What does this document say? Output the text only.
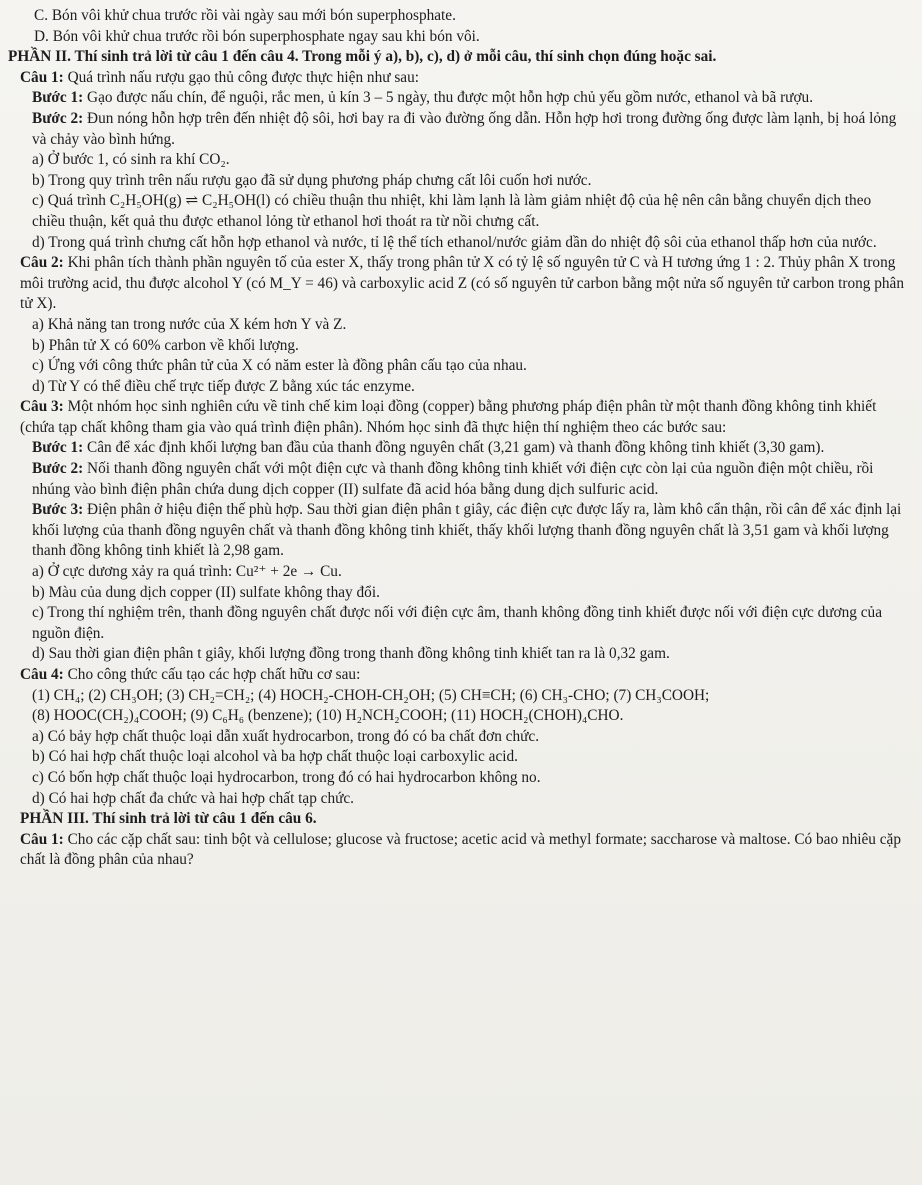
C. Bón vôi khử chua trước rồi vài ngày sau mới bón superphosphate.

D. Bón vôi khử chua trước rồi bón superphosphate ngay sau khi bón vôi.

PHẦN II. Thí sinh trả lời từ câu 1 đến câu 4. Trong mỗi ý a), b), c), d) ở mỗi câu, thí sinh chọn đúng hoặc sai.

Câu 1: Quá trình nấu rượu gạo thủ công được thực hiện như sau:

Bước 1: Gạo được nấu chín, để nguội, rắc men, ủ kín 3 – 5 ngày, thu được một hỗn hợp chủ yếu gồm nước, ethanol và bã rượu.

Bước 2: Đun nóng hỗn hợp trên đến nhiệt độ sôi, hơi bay ra đi vào đường ống dẫn. Hỗn hợp hơi trong đường ống được làm lạnh, bị hoá lỏng và chảy vào bình hứng.

a) Ở bước 1, có sinh ra khí CO₂.

b) Trong quy trình trên nấu rượu gạo đã sử dụng phương pháp chưng cất lôi cuốn hơi nước.

c) Quá trình C₂H₅OH(g) ⇌ C₂H₅OH(l) có chiều thuận thu nhiệt, khi làm lạnh là làm giảm nhiệt độ của hệ nên cân bằng chuyển dịch theo chiều thuận, kết quả thu được ethanol lỏng từ ethanol hơi thoát ra từ nồi chưng cất.

d) Trong quá trình chưng cất hỗn hợp ethanol và nước, tỉ lệ thể tích ethanol/nước giảm dần do nhiệt độ sôi của ethanol thấp hơn của nước.

Câu 2: Khi phân tích thành phần nguyên tố của ester X, thấy trong phân tử X có tỷ lệ số nguyên tử C và H tương ứng 1 : 2. Thủy phân X trong môi trường acid, thu được alcohol Y (có M_Y = 46) và carboxylic acid Z (có số nguyên tử carbon bằng một nửa số nguyên tử carbon trong phân tử X).

a) Khả năng tan trong nước của X kém hơn Y và Z.

b) Phân tử X có 60% carbon về khối lượng.

c) Ứng với công thức phân tử của X có năm ester là đồng phân cấu tạo của nhau.

d) Từ Y có thể điều chế trực tiếp được Z bằng xúc tác enzyme.

Câu 3: Một nhóm học sinh nghiên cứu về tinh chế kim loại đồng (copper) bằng phương pháp điện phân từ một thanh đồng không tinh khiết (chứa tạp chất không tham gia vào quá trình điện phân). Nhóm học sinh đã thực hiện thí nghiệm theo các bước sau:

Bước 1: Cân để xác định khối lượng ban đầu của thanh đồng nguyên chất (3,21 gam) và thanh đồng không tinh khiết (3,30 gam).

Bước 2: Nối thanh đồng nguyên chất với một điện cực và thanh đồng không tinh khiết với điện cực còn lại của nguồn điện một chiều, rồi nhúng vào bình điện phân chứa dung dịch copper (II) sulfate đã acid hóa bằng dung dịch sulfuric acid.

Bước 3: Điện phân ở hiệu điện thế phù hợp. Sau thời gian điện phân t giây, các điện cực được lấy ra, làm khô cẩn thận, rồi cân để xác định lại khối lượng của thanh đồng nguyên chất và thanh đồng không tinh khiết, thấy khối lượng thanh đồng nguyên chất là 3,51 gam và khối lượng thanh đồng không tinh khiết là 2,98 gam.

a) Ở cực dương xảy ra quá trình: Cu²⁺ + 2e → Cu.

b) Màu của dung dịch copper (II) sulfate không thay đổi.

c) Trong thí nghiệm trên, thanh đồng nguyên chất được nối với điện cực âm, thanh không đồng tinh khiết được nối với điện cực dương của nguồn điện.

d) Sau thời gian điện phân t giây, khối lượng đồng trong thanh đồng không tinh khiết tan ra là 0,32 gam.

Câu 4: Cho công thức cấu tạo các hợp chất hữu cơ sau:

(1) CH₄; (2) CH₃OH; (3) CH₂=CH₂; (4) HOCH₂-CHOH-CH₂OH; (5) CH≡CH; (6) CH₃-CHO; (7) CH₃COOH;

(8) HOOC(CH₂)₄COOH; (9) C₆H₆ (benzene); (10) H₂NCH₂COOH; (11) HOCH₂(CHOH)₄CHO.

a) Có bảy hợp chất thuộc loại dẫn xuất hydrocarbon, trong đó có ba chất đơn chức.

b) Có hai hợp chất thuộc loại alcohol và ba hợp chất thuộc loại carboxylic acid.

c) Có bốn hợp chất thuộc loại hydrocarbon, trong đó có hai hydrocarbon không no.

d) Có hai hợp chất đa chức và hai hợp chất tạp chức.

PHẦN III. Thí sinh trả lời từ câu 1 đến câu 6.

Câu 1: Cho các cặp chất sau: tinh bột và cellulose; glucose và fructose; acetic acid và methyl formate; saccharose và maltose. Có bao nhiêu cặp chất là đồng phân của nhau?
